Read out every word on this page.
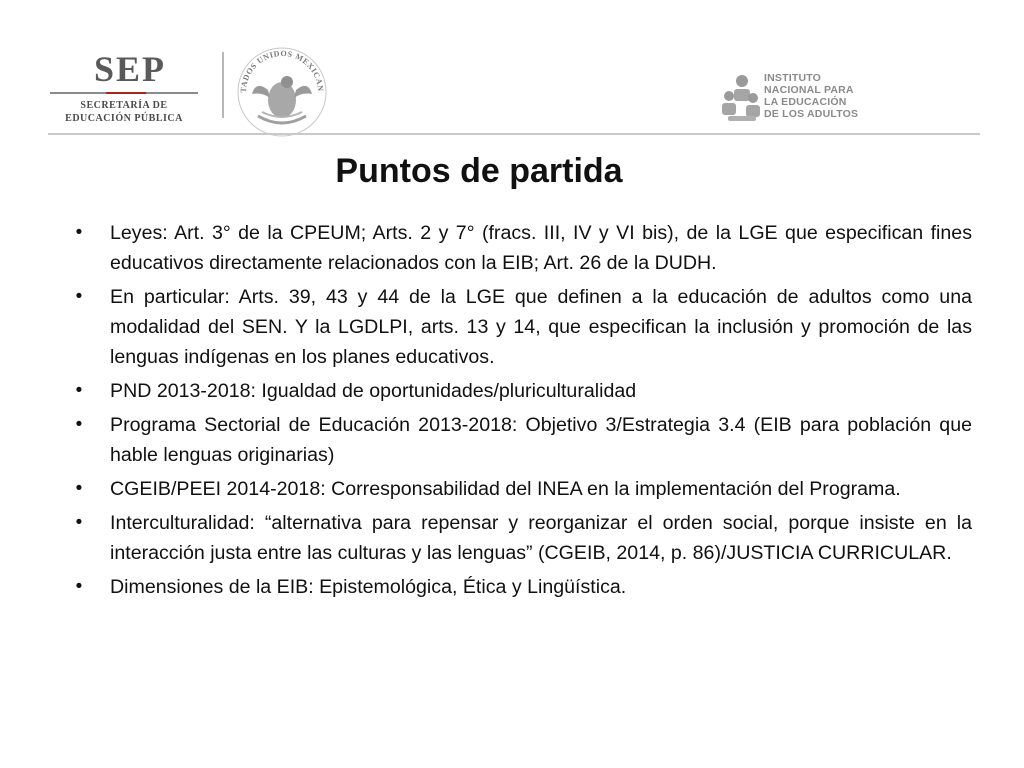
SEP
SECRETARÍA DE
EDUCACIÓN PÚBLICA
TADOS UNIDOS MEXICAN
INSTITUTO
NACIONAL PARA
LA EDUCACIÓN
DE LOS ADULTOS
Puntos de partida
• Leyes: Art. 3° de la CPEUM; Arts. 2 y 7° (fracs. III, IV y VI bis), de la LGE que especifican fines educativos directamente relacionados con la EIB; Art. 26 de la DUDH.
• En particular: Arts. 39, 43 y 44 de la LGE que definen a la educación de adultos como una modalidad del SEN. Y la LGDLPI, arts. 13 y 14, que especifican la inclusión y promoción de las lenguas indígenas en los planes educativos.
• PND 2013-2018: Igualdad de oportunidades/pluriculturalidad
• Programa Sectorial de Educación 2013-2018: Objetivo 3/Estrategia 3.4 (EIB para población que hable lenguas originarias)
• CGEIB/PEEI 2014-2018: Corresponsabilidad del INEA en la implementación del Programa.
• Interculturalidad: “alternativa para repensar y reorganizar el orden social, porque insiste en la interacción justa entre las culturas y las lenguas” (CGEIB, 2014, p. 86)/JUSTICIA CURRICULAR.
• Dimensiones de la EIB: Epistemológica, Ética y Lingüística.
